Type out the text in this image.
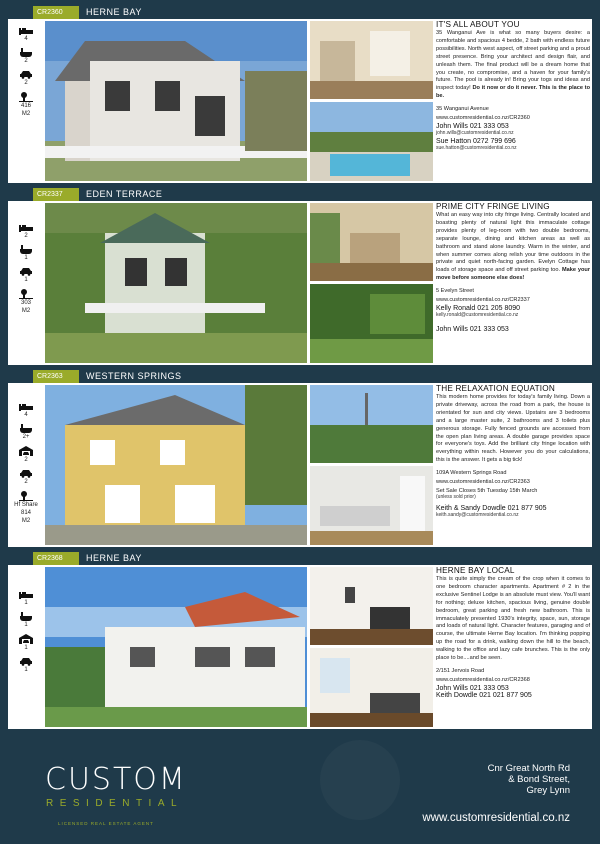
CR2360	HERNE BAY
4
2
2
416
M2
IT'S ALL ABOUT YOU

35 Wanganui Ave is what so many buyers desire: a comfortable and spacious 4 bedde, 2 bath with endless future possibilities. North west aspect, off street parking and a proud street presence. Bring your architect and design flair, and unleash them. The final product will be a dream home that you create, no compromise, and a haven for your family's future. The pool is already in! Bring your togs and ideas and inspect today! Do it now or do it never. This is the place to be.

35 Wanganui Avenue
www.customresidential.co.nz/CR2360
John Wills 021 333 053
john.wills@customresidential.co.nz
Sue Hatton 0272 799 696
sue.hatton@customresidential.co.nz
CR2337	EDEN TERRACE
2
1
1
303
M2
PRIME CITY FRINGE LIVING

What an easy way into city fringe living. Centrally located and boasting plenty of natural light this immaculate cottage provides plenty of leg-room with two double bedrooms, separate lounge, dining and kitchen areas as well as bathroom and stand alone laundry. Warm in the winter, and when summer comes along relish your time outdoors in the private and quiet north-facing garden. Evelyn Cottage has loads of storage space and off street parking too. Make your move before someone else does!

5 Evelyn Street
www.customresidential.co.nz/CR2337
Kelly Ronald 021 205 8090
kelly.ronald@customresidential.co.nz
John Wills 021 333 053
CR2363	WESTERN SPRINGS
4
2+
2
2
Hf Share
814
M2
THE RELAXATION EQUATION

This modern home provides for today's family living. Down a private driveway, across the road from a park, the house is orientated for sun and city views. Upstairs are 3 bedrooms and a large master suite, 2 bathrooms and 3 toilets plus generous storage. Fully fenced grounds are accessed from the open plan living areas. A double garage provides space for everyone's toys. Add the brilliant city fringe location with everything within reach. However you do your calculations, this is the answer. It gets a big tick!

109A Western Springs Road
www.customresidential.co.nz/CR2363
Set Sale Closes 5th Tuesday 15th March
(unless sold prior)
Keith & Sandy Dowdle 021 877 905
keith.sandy@customresidential.co.nz
CR2368	HERNE BAY
1
1
1
1
HERNE BAY LOCAL

This is quite simply the cream of the crop when it comes to one bedroom character apartments. Apartment # 2 in the exclusive Sentinel Lodge is an absolute must view. You'll want for nothing; deluxe kitchen, spacious living, genuine double bedroom, great parking and fresh new bathroom. This is immaculately presented 1930's integrity, space, sun, storage and loads of natural light. Character features, garaging and of course, the ultimate Herne Bay location. I'm thinking popping up the road for a drink, walking down the hill to the beach, walking to the office and lazy cafe brunches. This is the only place to be....and be seen.

2/151 Jervois Road
www.customresidential.co.nz/CR2368
John Wills 021 333 053
Keith Dowdle 021 021 877 905
CUSTOM
RESIDENTIAL
LICENSED REAL ESTATE AGENT
Cnr Great North Rd
& Bond Street,
Grey Lynn
www.customresidential.co.nz
